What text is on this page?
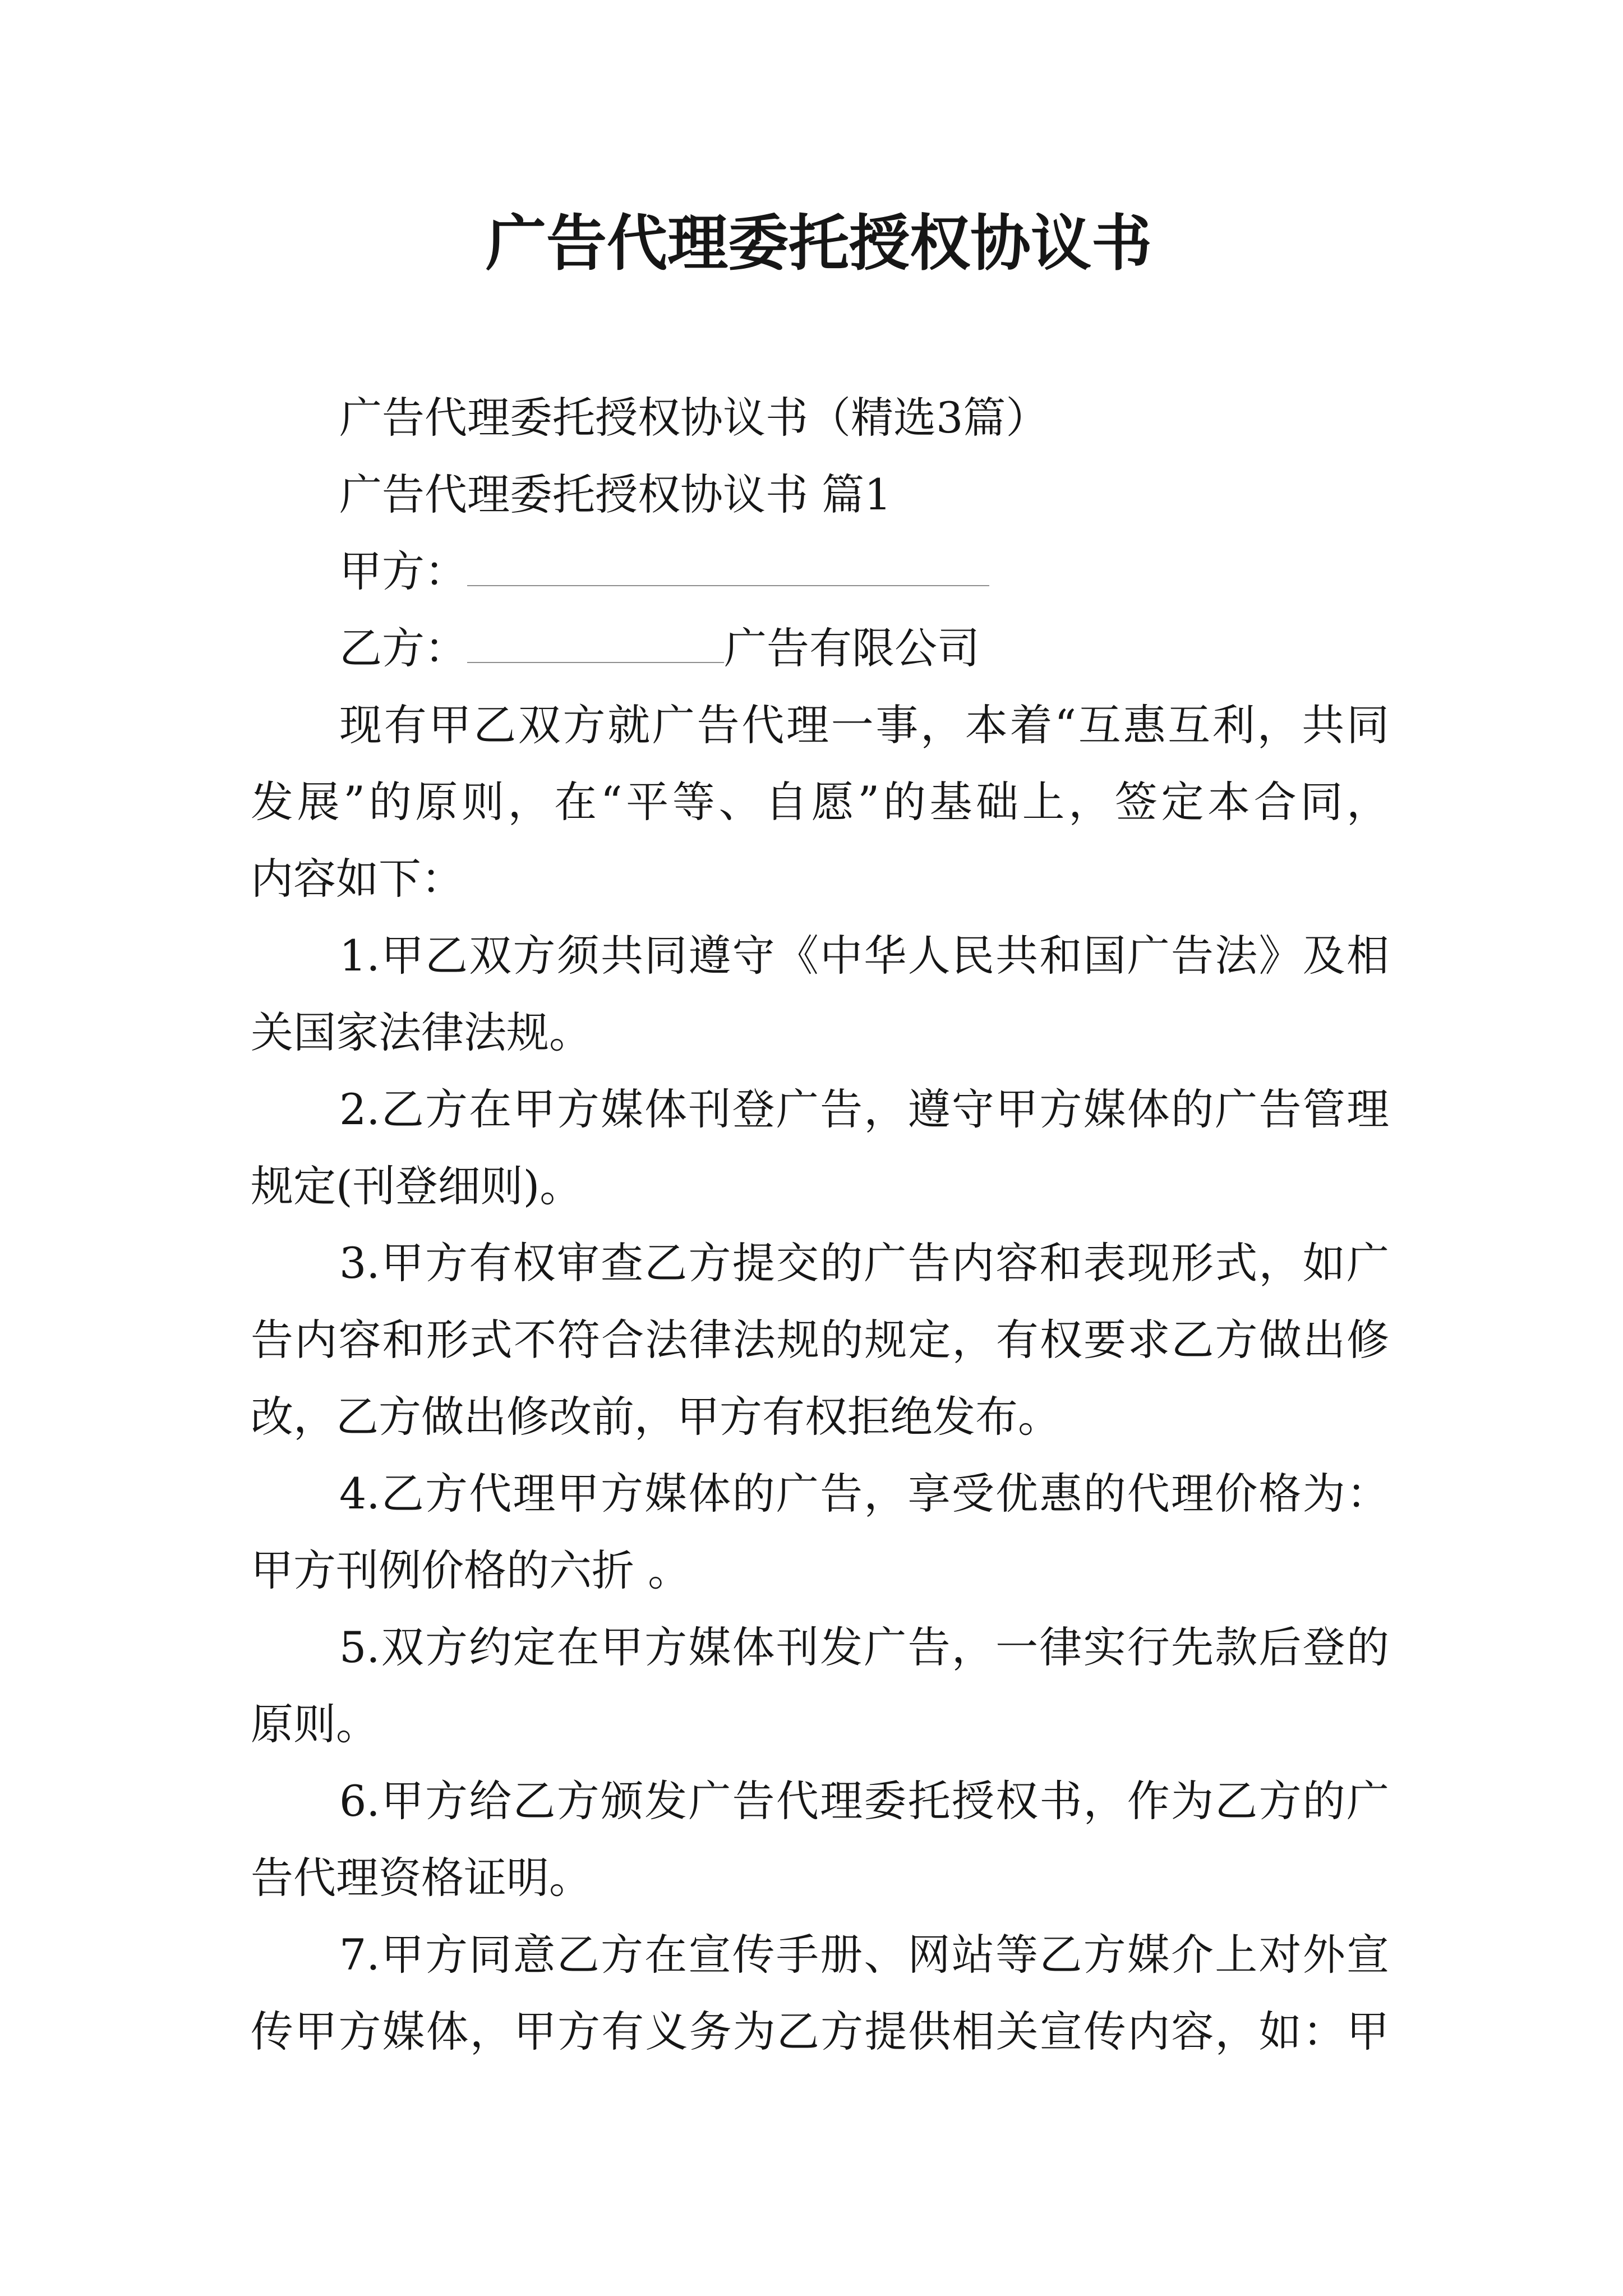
广告代理委托授权协议书
广告代理委托授权协议书（精选3篇）
广告代理委托授权协议书 篇1
甲方：
乙方：	广告有限公司
现有甲乙双方就广告代理一事，本着“互惠互利，共同
发展”的原则，在“平等、自愿”的基础上，签定本合同，
内容如下：
1.甲乙双方须共同遵守《中华人民共和国广告法》及相
关国家法律法规。
2.乙方在甲方媒体刊登广告，遵守甲方媒体的广告管理
规定(刊登细则)。
3.甲方有权审查乙方提交的广告内容和表现形式，如广
告内容和形式不符合法律法规的规定，有权要求乙方做出修
改，乙方做出修改前，甲方有权拒绝发布。
4.乙方代理甲方媒体的广告，享受优惠的代理价格为：
甲方刊例价格的六折 。
5.双方约定在甲方媒体刊发广告，一律实行先款后登的
原则。
6.甲方给乙方颁发广告代理委托授权书，作为乙方的广
告代理资格证明。
7.甲方同意乙方在宣传手册、网站等乙方媒介上对外宣
传甲方媒体，甲方有义务为乙方提供相关宣传内容，如：甲
